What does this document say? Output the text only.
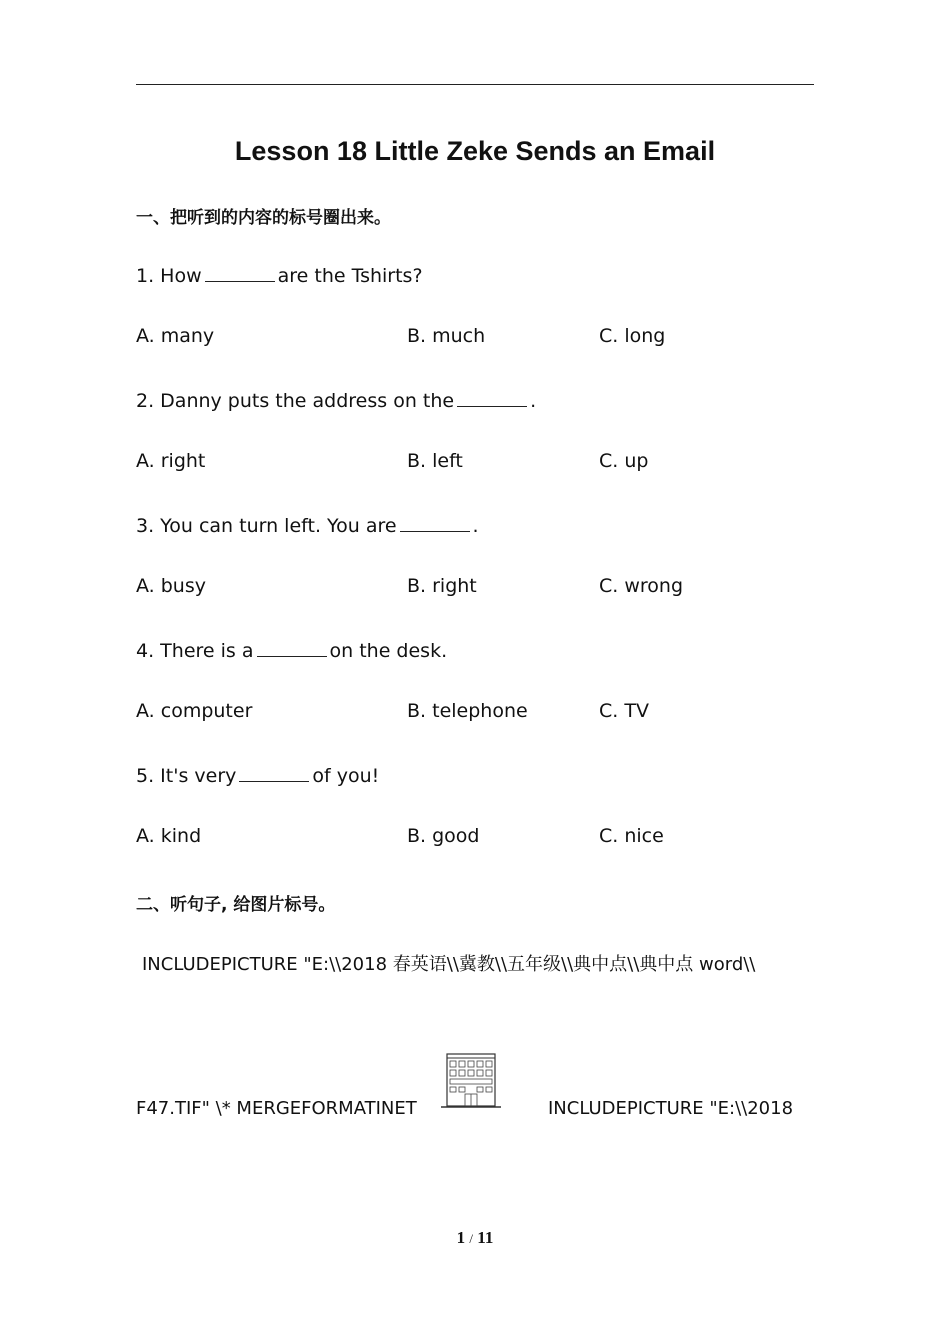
Lesson 18 Little Zeke Sends an Email
一、把听到的内容的标号圈出来。
1. How	are the Tshirts?
A. many	B. much	C. long
2. Danny puts the address on the	.
A. right	B. left	C. up
3. You can turn left. You are	.
A. busy	B. right	C. wrong
4. There is a	on the desk.
A. computer	B. telephone	C. TV
5. It's very	of you!
A. kind	B. good	C. nice
二、听句子, 给图片标号。
INCLUDEPICTURE "E:\\2018 春英语\\冀教\\五年级\\典中点\\典中点 word\\
F47.TIF" \* MERGEFORMATINET	INCLUDEPICTURE "E:\\2018
1 / 11
